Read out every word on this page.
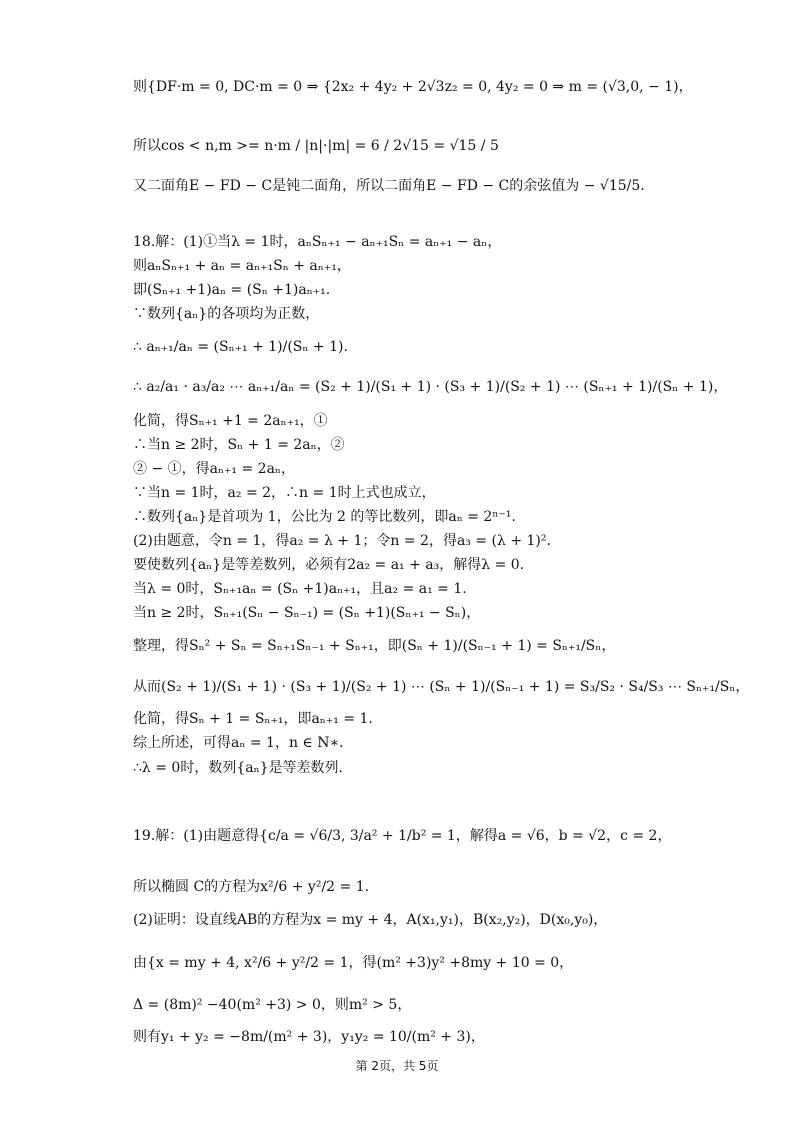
则{DF·m = 0, DC·m = 0 ⇒ {2x₂ + 4y₂ + 2√3z₂ = 0, 4y₂ = 0 ⇒ m = (√3,0, − 1)，
所以cos < n,m >= n·m / |n|·|m| = 6 / 2√15 = √15 / 5
又二面角E − FD − C是钝二面角，所以二面角E − FD − C的余弦值为 − √15/5.
18.解：(1)①当λ = 1时，aₙSₙ₊₁ − aₙ₊₁Sₙ = aₙ₊₁ − aₙ，
则aₙSₙ₊₁ + aₙ = aₙ₊₁Sₙ + aₙ₊₁，
即(Sₙ₊₁ +1)aₙ = (Sₙ +1)aₙ₊₁.
∵数列{aₙ}的各项均为正数，
∴ aₙ₊₁/aₙ = (Sₙ₊₁ + 1)/(Sₙ + 1).
∴ a₂/a₁ · a₃/a₂ ⋯ aₙ₊₁/aₙ = (S₂ + 1)/(S₁ + 1) · (S₃ + 1)/(S₂ + 1) ⋯ (Sₙ₊₁ + 1)/(Sₙ + 1)，
化简，得Sₙ₊₁ +1 = 2aₙ₊₁，①
∴当n ≥ 2时，Sₙ + 1 = 2aₙ，②
② − ①，得aₙ₊₁ = 2aₙ，
∵当n = 1时，a₂ = 2，∴n = 1时上式也成立，
∴数列{aₙ}是首项为 1，公比为 2 的等比数列，即aₙ = 2ⁿ⁻¹.
(2)由题意，令n = 1，得a₂ = λ + 1；令n = 2，得a₃ = (λ + 1)².
要使数列{aₙ}是等差数列，必须有2a₂ = a₁ + a₃，解得λ = 0.
当λ = 0时，Sₙ₊₁aₙ = (Sₙ +1)aₙ₊₁，且a₂ = a₁ = 1.
当n ≥ 2时，Sₙ₊₁(Sₙ − Sₙ₋₁) = (Sₙ +1)(Sₙ₊₁ − Sₙ)，
整理，得Sₙ² + Sₙ = Sₙ₊₁Sₙ₋₁ + Sₙ₊₁，即(Sₙ + 1)/(Sₙ₋₁ + 1) = Sₙ₊₁/Sₙ，
从而(S₂ + 1)/(S₁ + 1) · (S₃ + 1)/(S₂ + 1) ⋯ (Sₙ + 1)/(Sₙ₋₁ + 1) = S₃/S₂ · S₄/S₃ ⋯ Sₙ₊₁/Sₙ，
化简，得Sₙ + 1 = Sₙ₊₁，即aₙ₊₁ = 1.
综上所述，可得aₙ = 1，n ∈ N∗.
∴λ = 0时，数列{aₙ}是等差数列.
19.解：(1)由题意得{c/a = √6/3, 3/a² + 1/b² = 1，解得a = √6，b = √2，c = 2，
所以椭圆 C的方程为x²/6 + y²/2 = 1.
(2)证明：设直线AB的方程为x = my + 4，A(x₁,y₁)，B(x₂,y₂)，D(x₀,y₀)，
由{x = my + 4, x²/6 + y²/2 = 1，得(m² +3)y² +8my + 10 = 0，
Δ = (8m)² −40(m² +3) > 0，则m² > 5，
则有y₁ + y₂ = −8m/(m² + 3)，y₁y₂ = 10/(m² + 3)，
第 2页，共 5页
